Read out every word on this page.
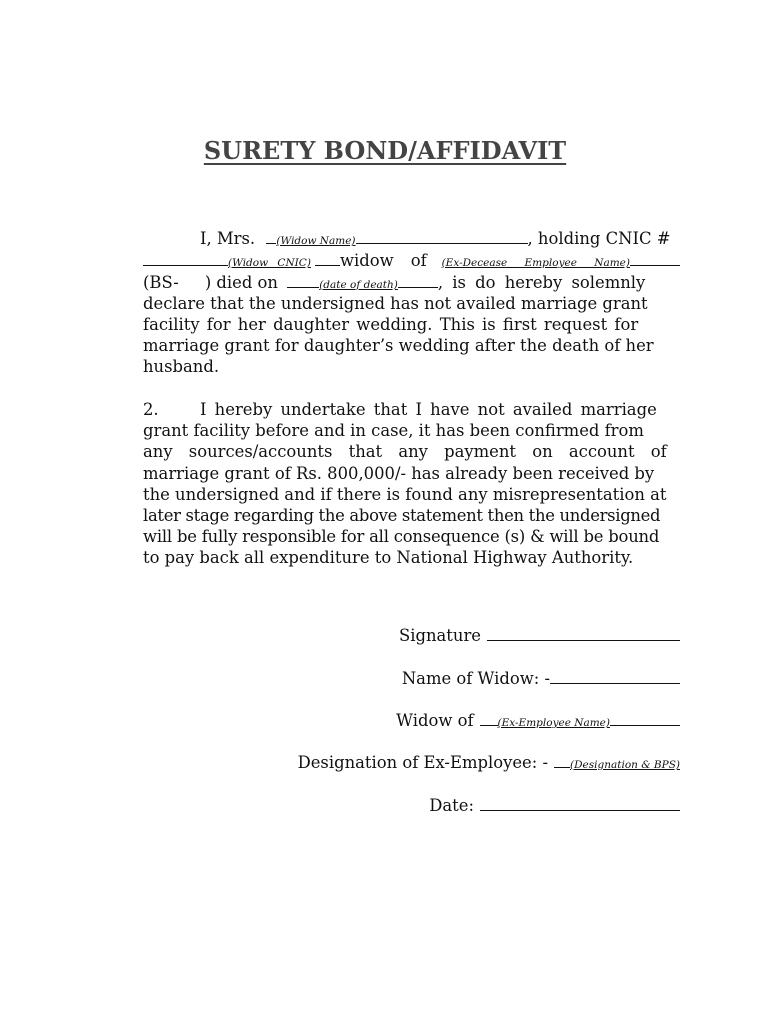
SURETY BOND/AFFIDAVIT
I, Mrs. (Widow Name)	, holding CNIC #
(Widow CNIC) widow of (Ex-Decease Employee Name)
(BS- ) died on	(date of death) , is do hereby solemnly
declare that the undersigned has not availed marriage grant
facility for her daughter wedding. This is first request for
marriage grant for daughter’s wedding after the death of her
husband.
2.	I hereby undertake that I have not availed marriage
grant facility before and in case, it has been confirmed from
any sources/accounts that any payment on account of
marriage grant of Rs. 800,000/- has already been received by
the undersigned and if there is found any misrepresentation at
later stage regarding the above statement then the undersigned
will be fully responsible for all consequence (s) & will be bound
to pay back all expenditure to National Highway Authority.
Signature
Name of Widow: -
Widow of (Ex-Employee Name)
Designation of Ex-Employee: - (Designation & BPS)
Date:
